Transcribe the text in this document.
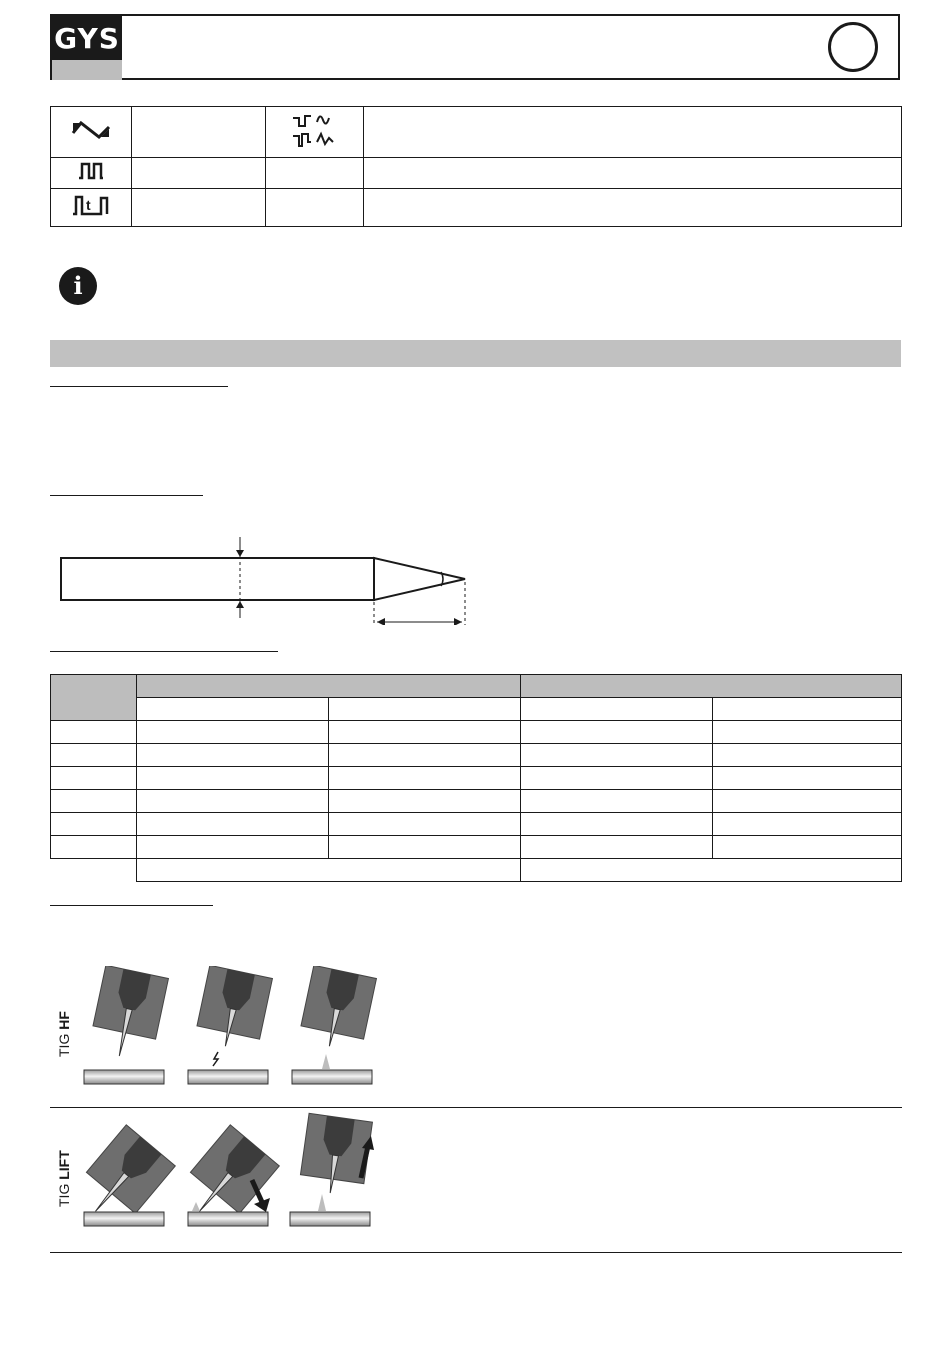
GYS

t			

i

TIG HF
TIG LIFT
